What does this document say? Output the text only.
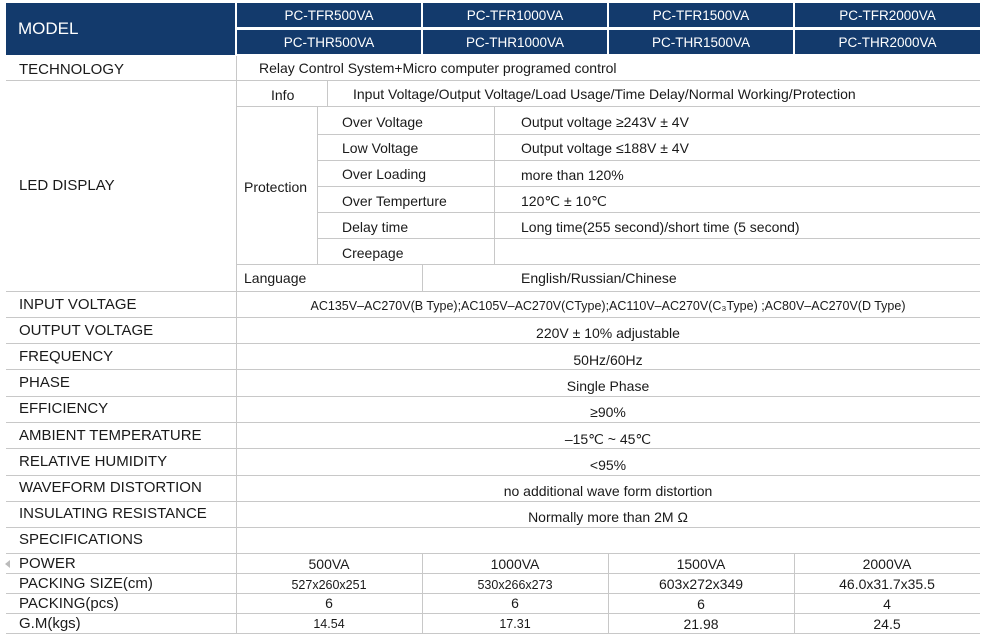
MODEL
PC-TFR500VA	PC-TFR1000VA	PC-TFR1500VA	PC-TFR2000VA
PC-THR500VA	PC-THR1000VA	PC-THR1500VA	PC-THR2000VA
TECHNOLOGY	Relay Control System+Micro computer programed control
LED DISPLAY
Info	Input Voltage/Output Voltage/Load Usage/Time Delay/Normal Working/Protection
Protection
Over Voltage	Output voltage ≥243V ± 4V
Low Voltage	Output voltage ≤188V ± 4V
Over Loading	more than 120%
Over Temperture	120℃ ± 10℃
Delay time	Long time(255 second)/short time (5 second)
Creepage
Language	English/Russian/Chinese
INPUT VOLTAGE	AC135V–AC270V(B Type);AC105V–AC270V(CType);AC110V–AC270V(C₃Type) ;AC80V–AC270V(D Type)
OUTPUT VOLTAGE	220V ± 10% adjustable
FREQUENCY	50Hz/60Hz
PHASE	Single Phase
EFFICIENCY	≥90%
AMBIENT TEMPERATURE	–15℃ ~ 45℃
RELATIVE HUMIDITY	<95%
WAVEFORM DISTORTION	no additional wave form distortion
INSULATING RESISTANCE	Normally more than 2M Ω
SPECIFICATIONS
POWER	500VA	1000VA	1500VA	2000VA
PACKING SIZE(cm)	527x260x251	530x266x273	603x272x349	46.0x31.7x35.5
PACKING(pcs)	6	6	6	4
G.M(kgs)	14.54	17.31	21.98	24.5
